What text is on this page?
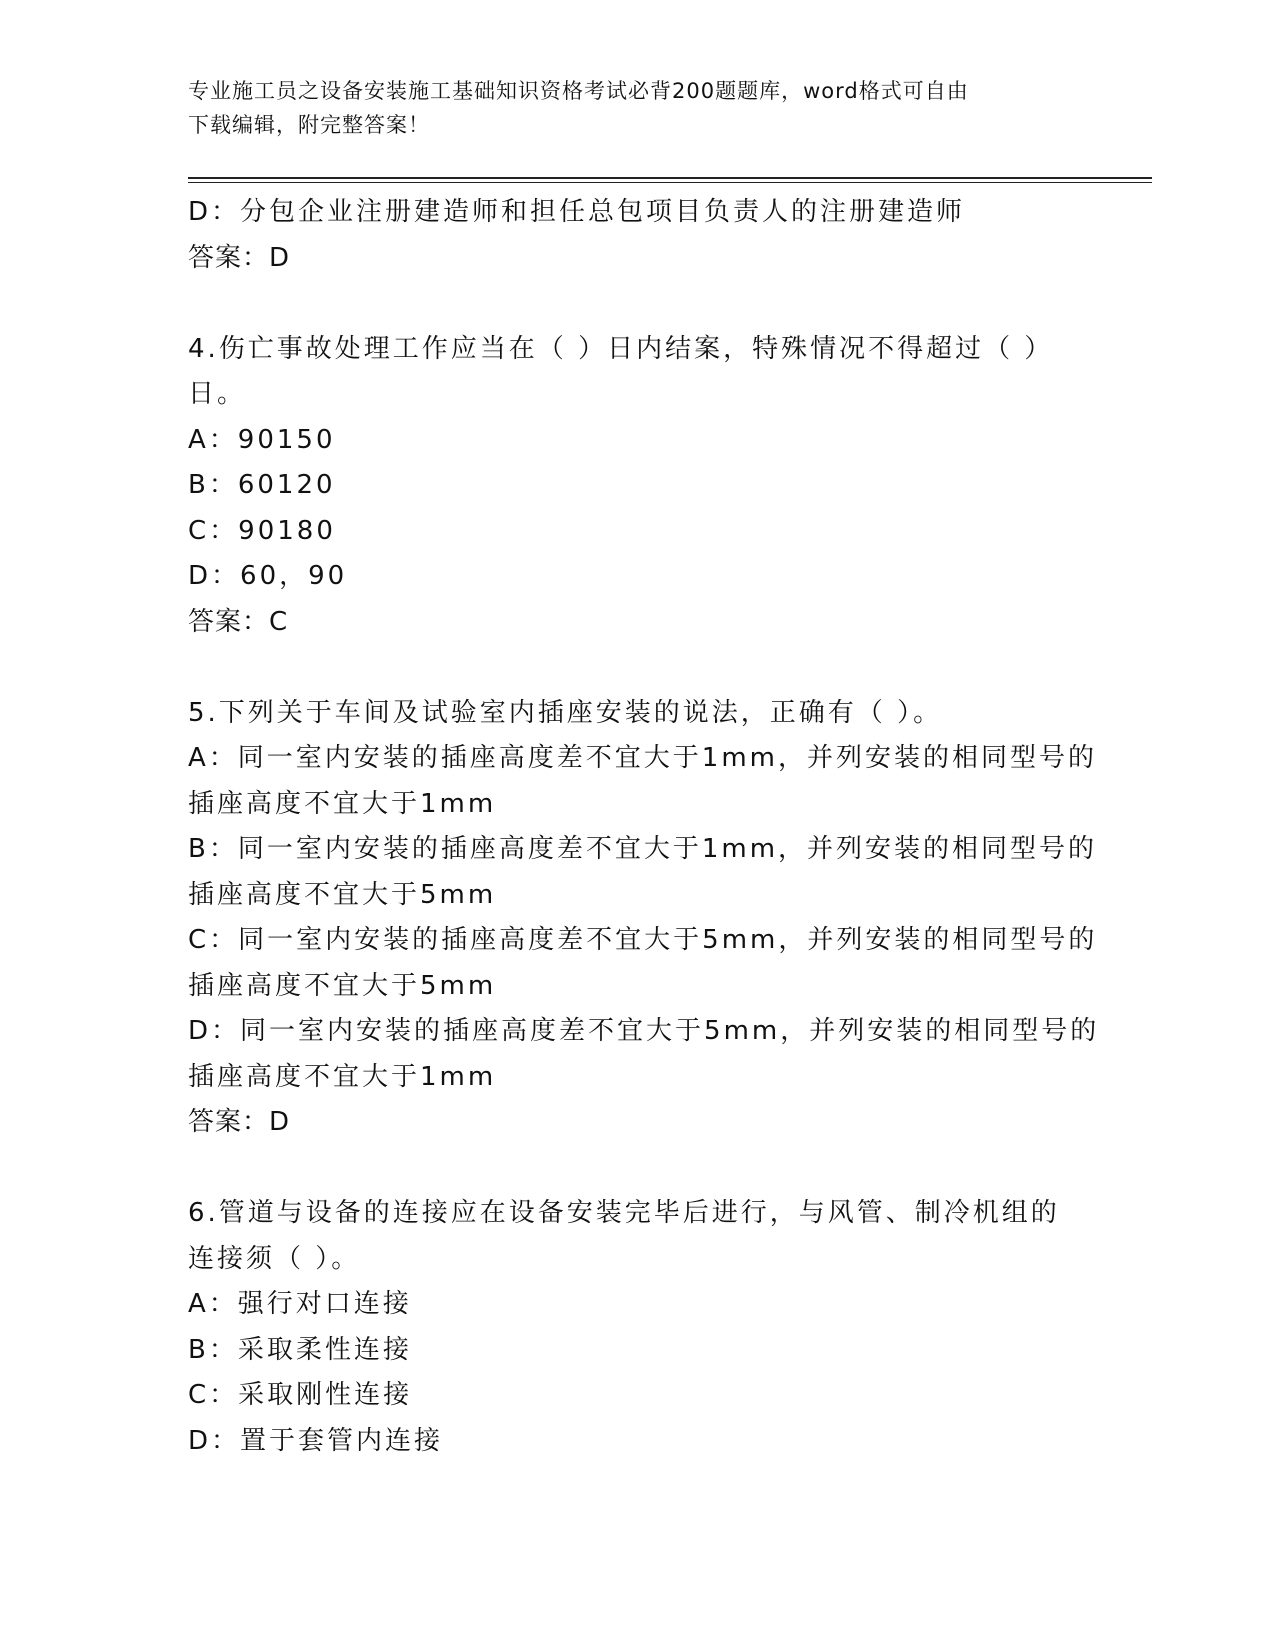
专业施工员之设备安装施工基础知识资格考试必背200题题库，word格式可自由
下载编辑，附完整答案！
D：分包企业注册建造师和担任总包项目负责人的注册建造师
答案：D
4.伤亡事故处理工作应当在（ ）日内结案，特殊情况不得超过（ ）
日。
A：90150
B：60120
C：90180
D：60，90
答案：C
5.下列关于车间及试验室内插座安装的说法，正确有（ ）。
A：同一室内安装的插座高度差不宜大于1mm，并列安装的相同型号的
插座高度不宜大于1mm
B：同一室内安装的插座高度差不宜大于1mm，并列安装的相同型号的
插座高度不宜大于5mm
C：同一室内安装的插座高度差不宜大于5mm，并列安装的相同型号的
插座高度不宜大于5mm
D：同一室内安装的插座高度差不宜大于5mm，并列安装的相同型号的
插座高度不宜大于1mm
答案：D
6.管道与设备的连接应在设备安装完毕后进行，与风管、制冷机组的
连接须（ ）。
A：强行对口连接
B：采取柔性连接
C：采取刚性连接
D：置于套管内连接
